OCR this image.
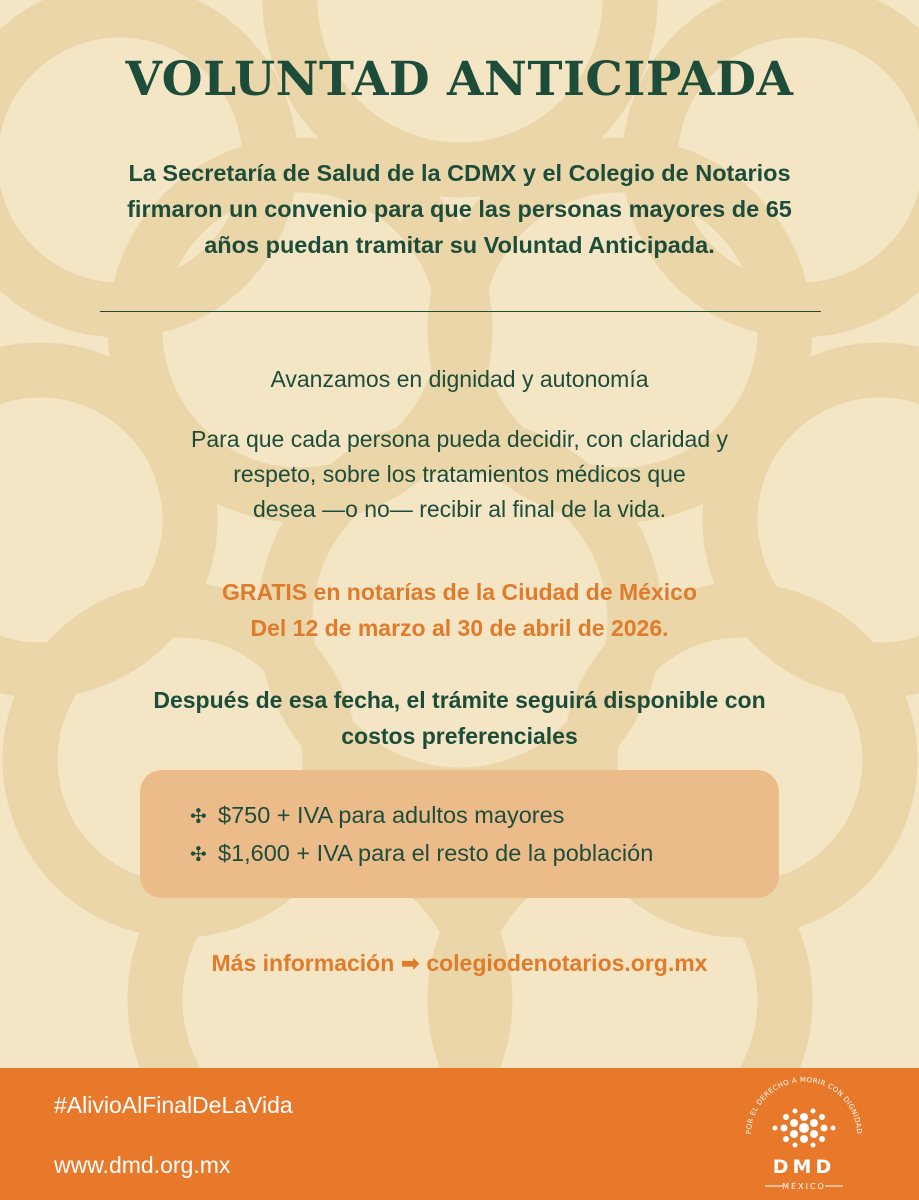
VOLUNTAD ANTICIPADA
La Secretaría de Salud de la CDMX y el Colegio de Notarios
firmaron un convenio para que las personas mayores de 65
años puedan tramitar su Voluntad Anticipada.
Avanzamos en dignidad y autonomía
Para que cada persona pueda decidir, con claridad y
respeto, sobre los tratamientos médicos que
desea —o no— recibir al final de la vida.
GRATIS en notarías de la Ciudad de México
Del 12 de marzo al 30 de abril de 2026.
Después de esa fecha, el trámite seguirá disponible con
costos preferenciales
✣ $750 + IVA para adultos mayores
✣ $1,600 + IVA para el resto de la población
Más información ➡ colegiodenotarios.org.mx
#AlivioAlFinalDeLaVida
www.dmd.org.mx
POR EL DERECHO A MORIR CON DIGNIDAD
DMD
MÉXICO
